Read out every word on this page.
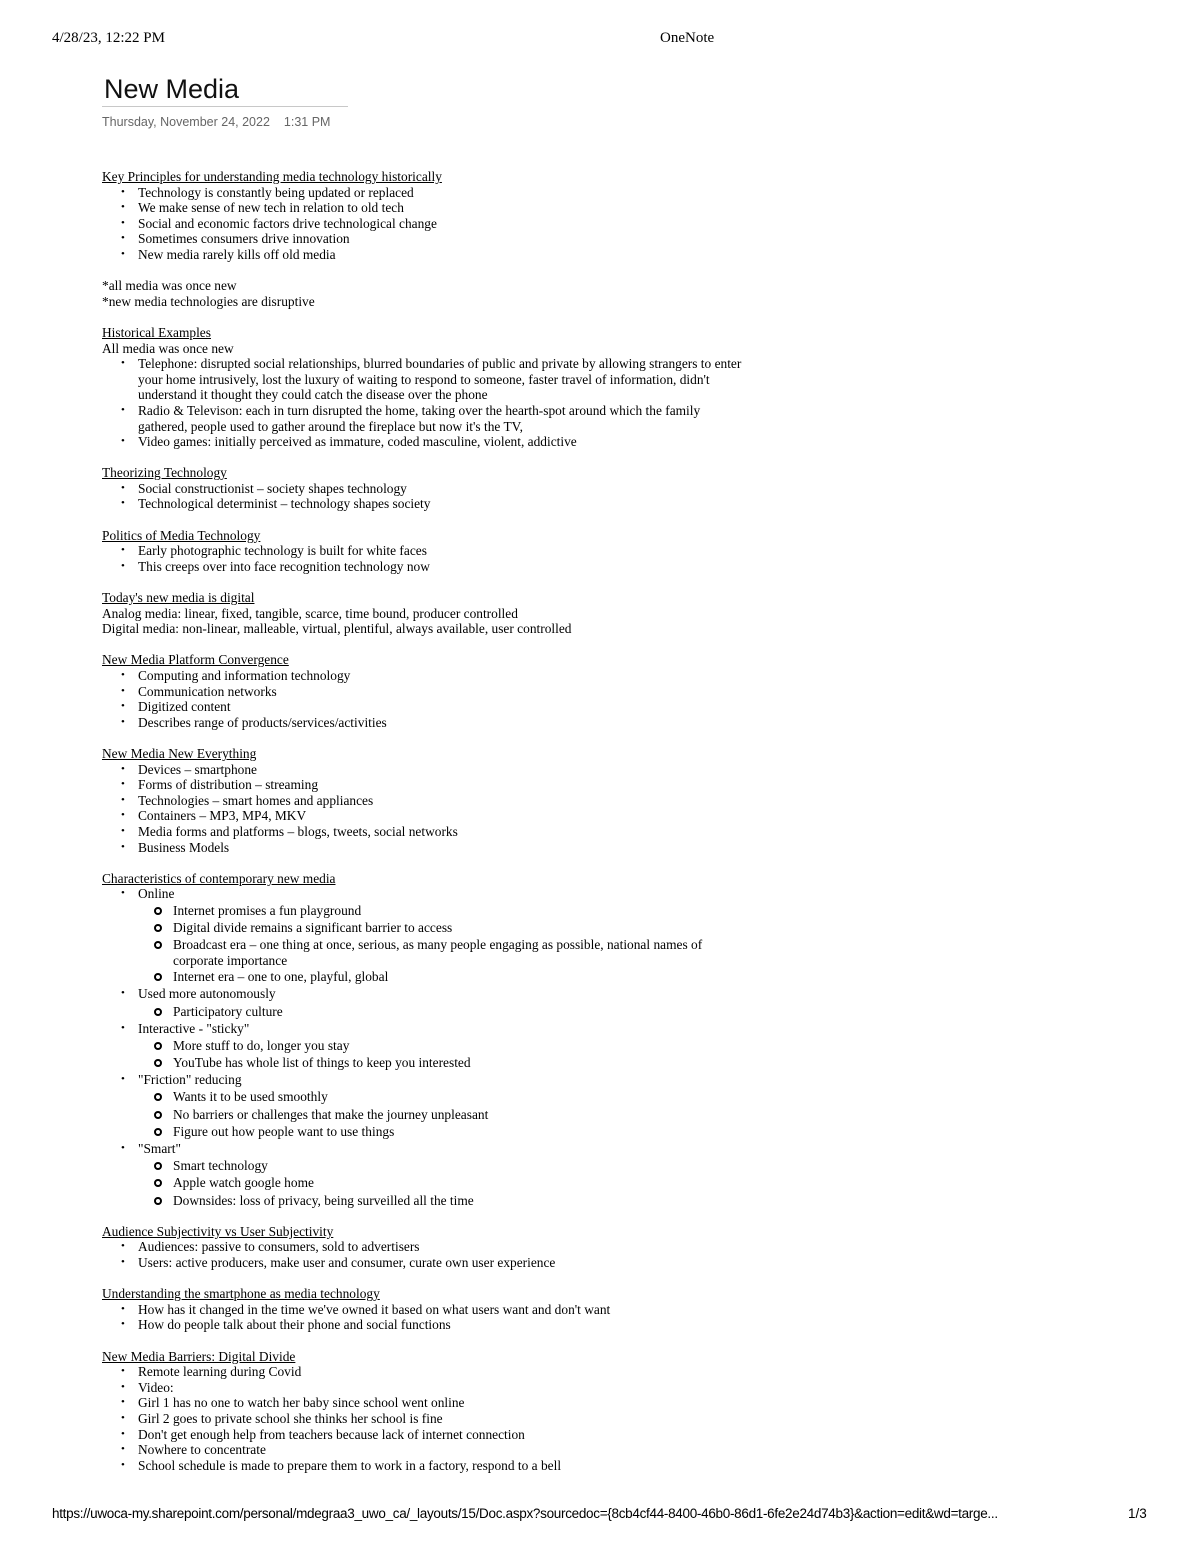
4/28/23, 12:22 PM	OneNote
New Media
Thursday, November 24, 2022 1:31 PM

Key Principles for understanding media technology historically

• Technology is constantly being updated or replaced
• We make sense of new tech in relation to old tech
• Social and economic factors drive technological change
• Sometimes consumers drive innovation
• New media rarely kills off old media

*all media was once new

*new media technologies are disruptive

Historical Examples

All media was once new

• Telephone: disrupted social relationships, blurred boundaries of public and private by allowing strangers to enter your home intrusively, lost the luxury of waiting to respond to someone, faster travel of information, didn't understand it thought they could catch the disease over the phone
• Radio & Televison: each in turn disrupted the home, taking over the hearth-spot around which the family gathered, people used to gather around the fireplace but now it's the TV,
• Video games: initially perceived as immature, coded masculine, violent, addictive

Theorizing Technology

• Social constructionist – society shapes technology
• Technological determinist – technology shapes society

Politics of Media Technology

• Early photographic technology is built for white faces
• This creeps over into face recognition technology now

Today's new media is digital

Analog media: linear, fixed, tangible, scarce, time bound, producer controlled

Digital media: non-linear, malleable, virtual, plentiful, always available, user controlled

New Media Platform Convergence

• Computing and information technology
• Communication networks
• Digitized content
• Describes range of products/services/activities

New Media New Everything

• Devices – smartphone
• Forms of distribution – streaming
• Technologies – smart homes and appliances
• Containers – MP3, MP4, MKV
• Media forms and platforms – blogs, tweets, social networks
• Business Models

Characteristics of contemporary new media

• Online
Internet promises a fun playground
Digital divide remains a significant barrier to access
Broadcast era – one thing at once, serious, as many people engaging as possible, national names of corporate importance
Internet era – one to one, playful, global
• Used more autonomously
Participatory culture
• Interactive - "sticky"
More stuff to do, longer you stay
YouTube has whole list of things to keep you interested
• "Friction" reducing
Wants it to be used smoothly
No barriers or challenges that make the journey unpleasant
Figure out how people want to use things
• "Smart"
Smart technology
Apple watch google home
Downsides: loss of privacy, being surveilled all the time

Audience Subjectivity vs User Subjectivity

• Audiences: passive to consumers, sold to advertisers
• Users: active producers, make user and consumer, curate own user experience

Understanding the smartphone as media technology

• How has it changed in the time we've owned it based on what users want and don't want
• How do people talk about their phone and social functions

New Media Barriers: Digital Divide

• Remote learning during Covid
• Video:
• Girl 1 has no one to watch her baby since school went online
• Girl 2 goes to private school she thinks her school is fine
• Don't get enough help from teachers because lack of internet connection
• Nowhere to concentrate
• School schedule is made to prepare them to work in a factory, respond to a bell
https://uwoca-my.sharepoint.com/personal/mdegraa3_uwo_ca/_layouts/15/Doc.aspx?sourcedoc={8cb4cf44-8400-46b0-86d1-6fe2e24d74b3}&action=edit&wd=targe...	1/3
